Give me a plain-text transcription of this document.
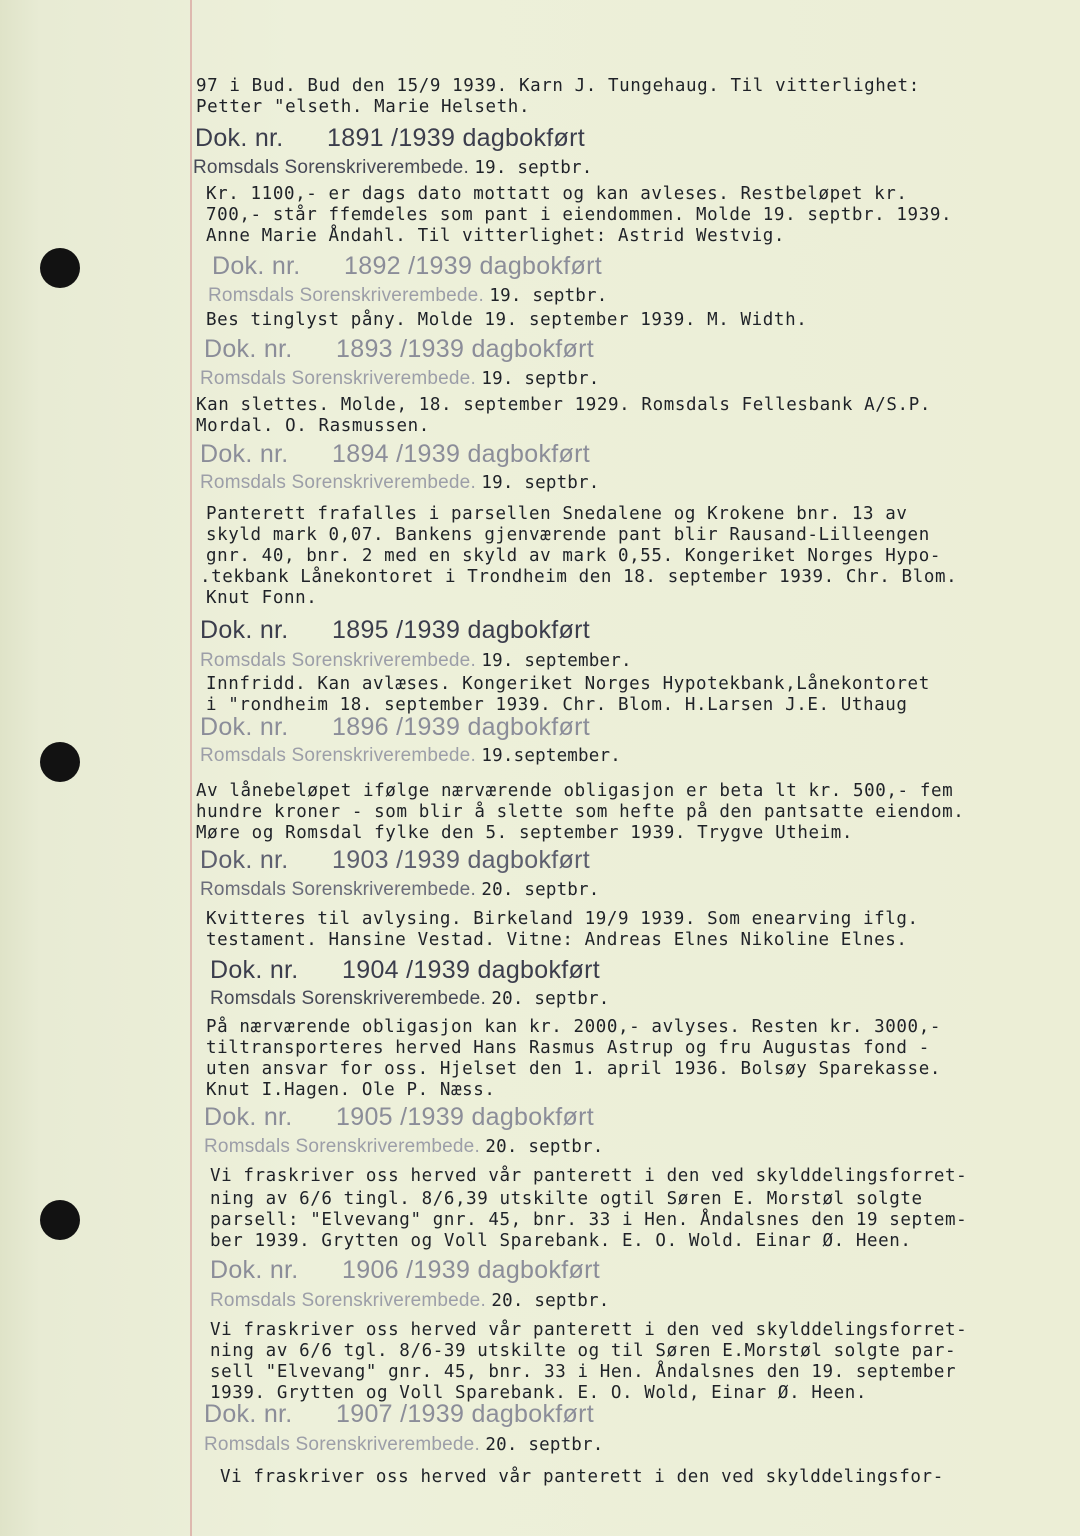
97 i Bud. Bud den 15/9 1939. Karn J. Tungehaug. Til vitterlighet:
Petter "elseth. Marie Helseth.
Dok. nr. 1891 /1939 dagbokført
Romsdals Sorenskriverembede. 19. septbr.
Kr. 1100,- er dags dato mottatt og kan avleses. Restbeløpet kr.
700,- står ffemdeles som pant i eiendommen. Molde 19. septbr. 1939.
Anne Marie Åndahl. Til vitterlighet: Astrid Westvig.
Dok. nr. 1892 /1939 dagbokført
Romsdals Sorenskriverembede. 19. septbr.
Bes tinglyst påny. Molde 19. september 1939. M. Width.
Dok. nr. 1893 /1939 dagbokført
Romsdals Sorenskriverembede. 19. septbr.
Kan slettes. Molde, 18. september 1929. Romsdals Fellesbank A/S.P.
Mordal. O. Rasmussen.
Dok. nr. 1894 /1939 dagbokført
Romsdals Sorenskriverembede. 19. septbr.
Panterett frafalles i parsellen Snedalene og Krokene bnr. 13 av
skyld mark 0,07. Bankens gjenværende pant blir Rausand-Lilleengen
gnr. 40, bnr. 2 med en skyld av mark 0,55. Kongeriket Norges Hypo-
.tekbank Lånekontoret i Trondheim den 18. september 1939. Chr. Blom.
Knut Fonn.
Dok. nr. 1895 /1939 dagbokført
Romsdals Sorenskriverembede. 19. september.
Innfridd. Kan avlæses. Kongeriket Norges Hypotekbank,Lånekontoret
i "rondheim 18. september 1939. Chr. Blom. H.Larsen J.E. Uthaug
Dok. nr. 1896 /1939 dagbokført
Romsdals Sorenskriverembede. 19.september.
Av lånebeløpet ifølge nærværende obligasjon er beta lt kr. 500,- fem
hundre kroner - som blir å slette som hefte på den pantsatte eiendom.
Møre og Romsdal fylke den 5. september 1939. Trygve Utheim.
Dok. nr. 1903 /1939 dagbokført
Romsdals Sorenskriverembede. 20. septbr.
Kvitteres til avlysing. Birkeland 19/9 1939. Som enearving iflg.
testament. Hansine Vestad. Vitne: Andreas Elnes Nikoline Elnes.
Dok. nr. 1904 /1939 dagbokført
Romsdals Sorenskriverembede. 20. septbr.
På nærværende obligasjon kan kr. 2000,- avlyses. Resten kr. 3000,-
tiltransporteres herved Hans Rasmus Astrup og fru Augustas fond -
uten ansvar for oss. Hjelset den 1. april 1936. Bolsøy Sparekasse.
Knut I.Hagen. Ole P. Næss.
Dok. nr. 1905 /1939 dagbokført
Romsdals Sorenskriverembede. 20. septbr.
Vi fraskriver oss herved vår panterett i den ved skylddelingsforret-
ning av 6/6 tingl. 8/6,39 utskilte ogtil Søren E. Morstøl solgte
parsell: "Elvevang" gnr. 45, bnr. 33 i Hen. Åndalsnes den 19 septem-
ber 1939. Grytten og Voll Sparebank. E. O. Wold. Einar Ø. Heen.
Dok. nr. 1906 /1939 dagbokført
Romsdals Sorenskriverembede. 20. septbr.
Vi fraskriver oss herved vår panterett i den ved skylddelingsforret-
ning av 6/6 tgl. 8/6-39 utskilte og til Søren E.Morstøl solgte par-
sell "Elvevang" gnr. 45, bnr. 33 i Hen. Åndalsnes den 19. september
1939. Grytten og Voll Sparebank. E. O. Wold, Einar Ø. Heen.
Dok. nr. 1907 /1939 dagbokført
Romsdals Sorenskriverembede. 20. septbr.
Vi fraskriver oss herved vår panterett i den ved skylddelingsfor-
